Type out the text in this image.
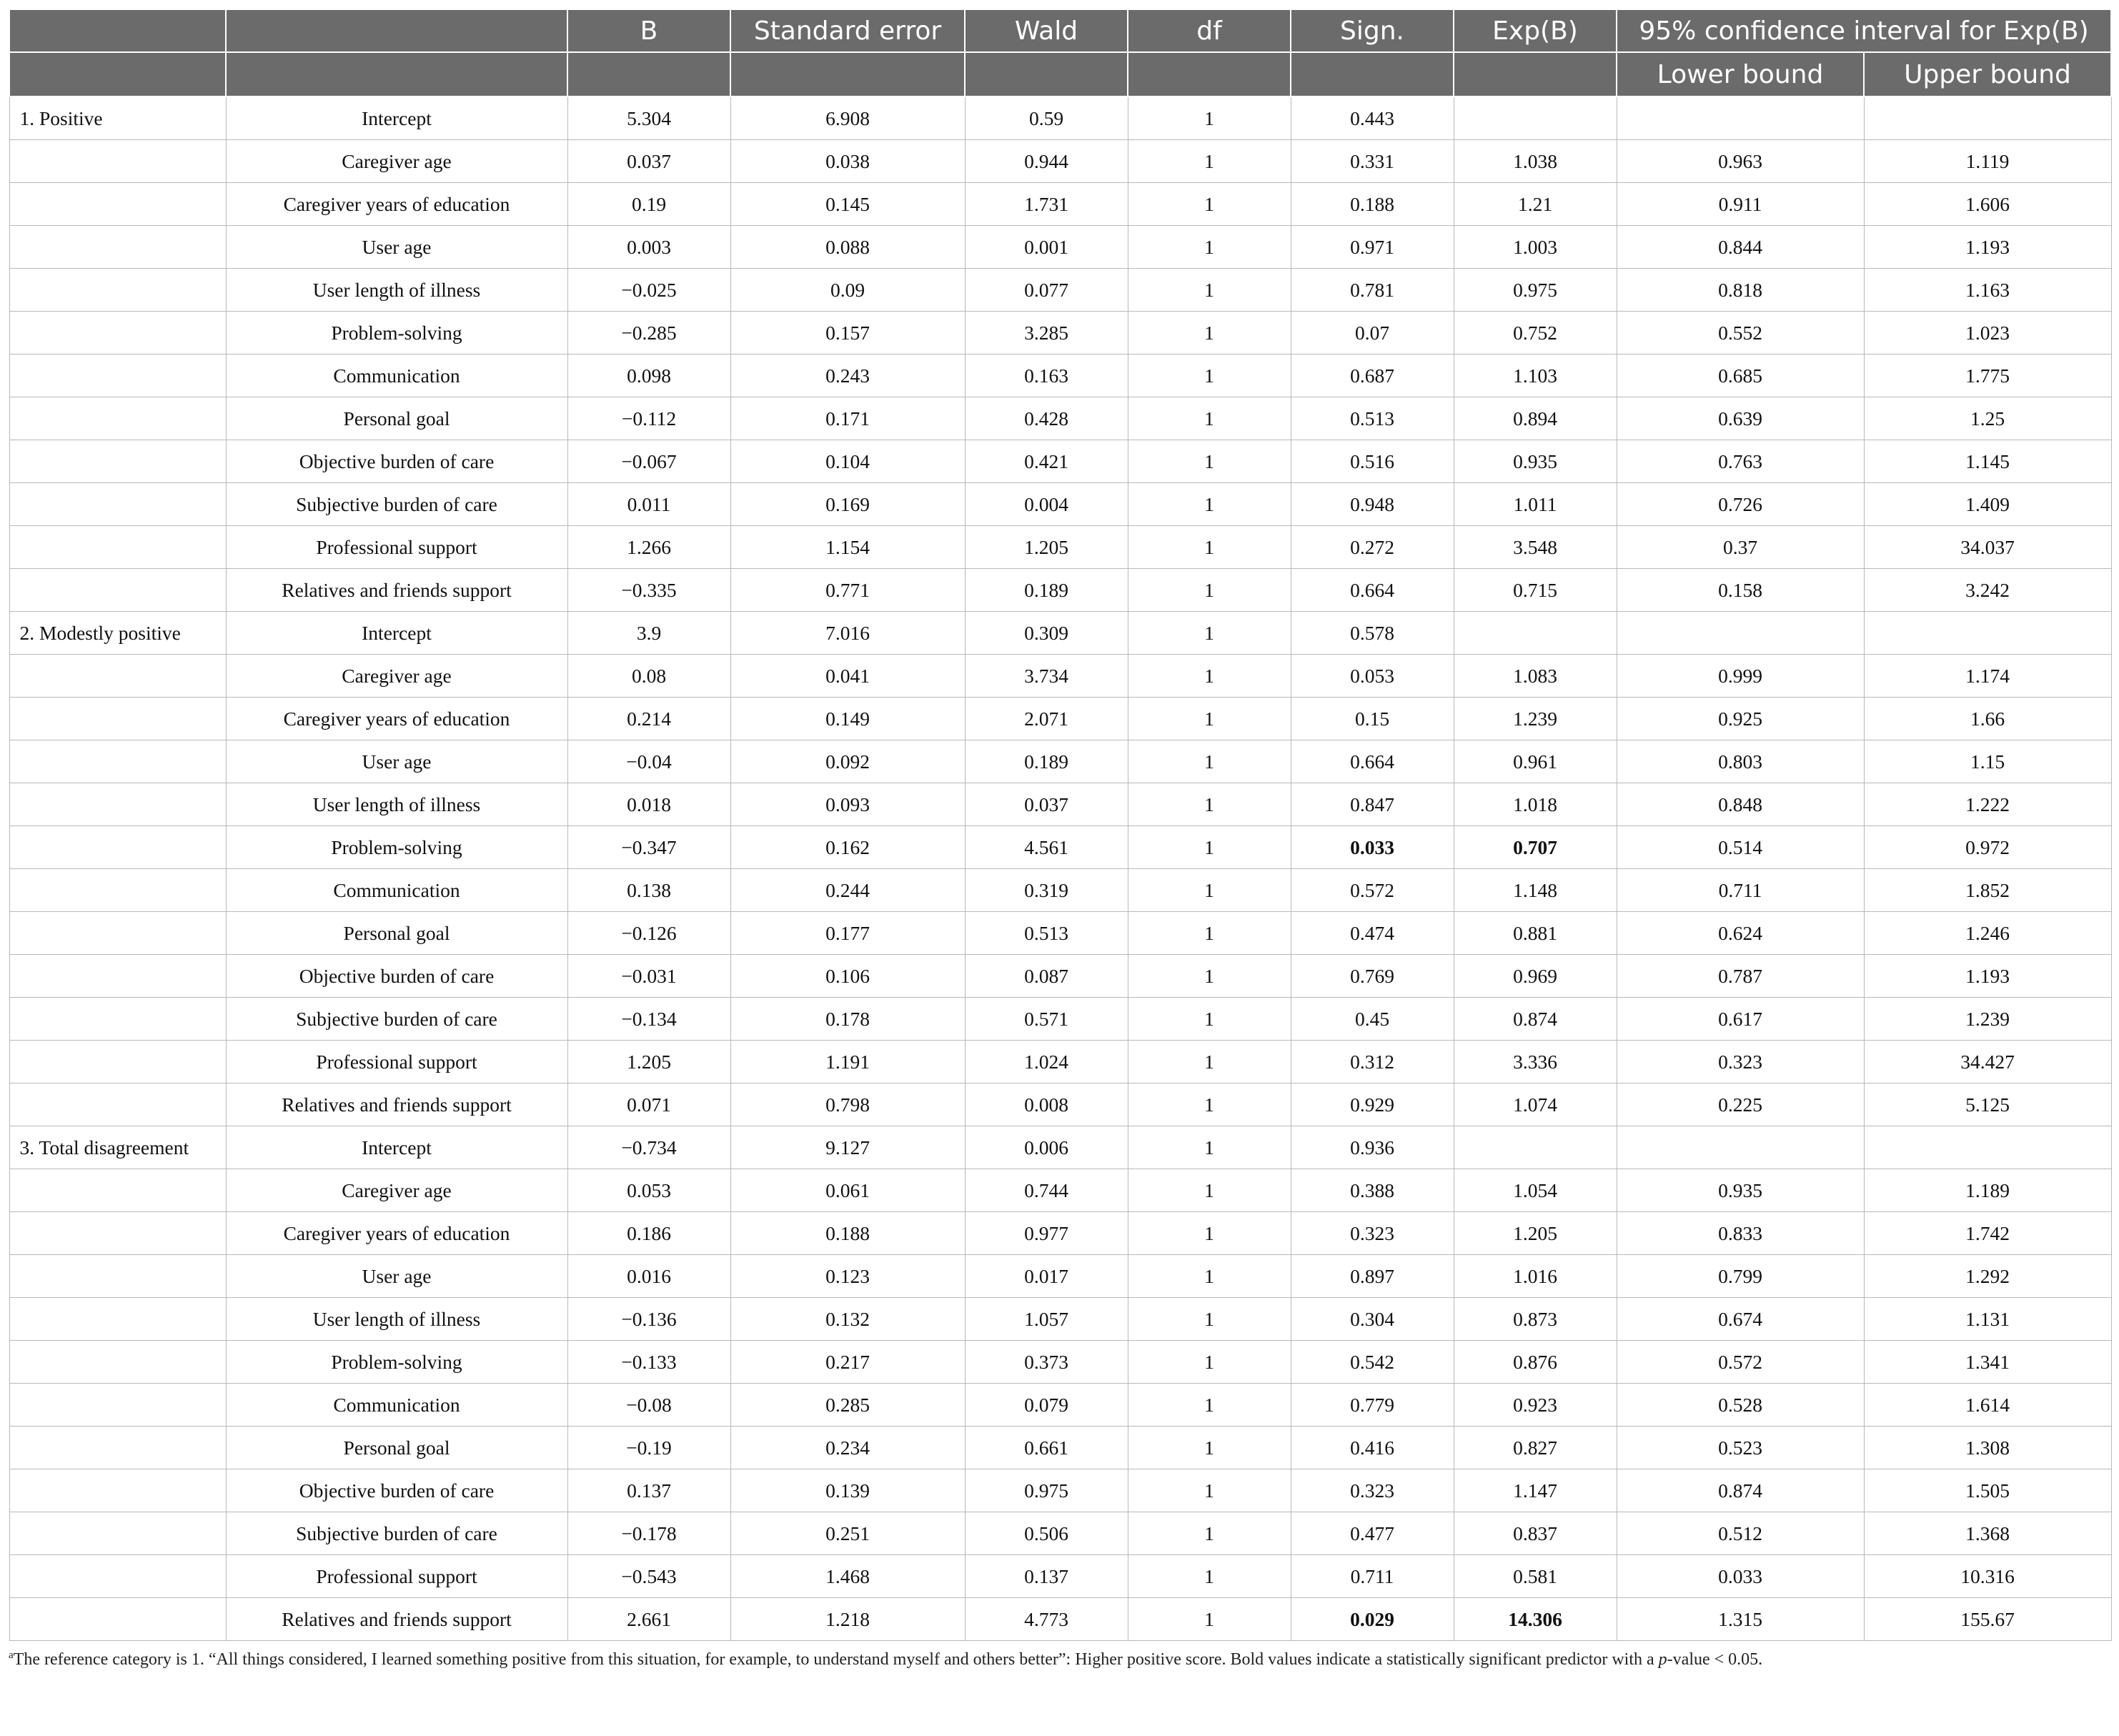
		B	Standard error	Wald	df	Sign.	Exp(B)	95% confidence interval for Exp(B)	
								Lower bound	Upper bound
1. Positive	Intercept	5.304	6.908	0.59	1	0.443			
	Caregiver age	0.037	0.038	0.944	1	0.331	1.038	0.963	1.119
	Caregiver years of education	0.19	0.145	1.731	1	0.188	1.21	0.911	1.606
	User age	0.003	0.088	0.001	1	0.971	1.003	0.844	1.193
	User length of illness	−0.025	0.09	0.077	1	0.781	0.975	0.818	1.163
	Problem-solving	−0.285	0.157	3.285	1	0.07	0.752	0.552	1.023
	Communication	0.098	0.243	0.163	1	0.687	1.103	0.685	1.775
	Personal goal	−0.112	0.171	0.428	1	0.513	0.894	0.639	1.25
	Objective burden of care	−0.067	0.104	0.421	1	0.516	0.935	0.763	1.145
	Subjective burden of care	0.011	0.169	0.004	1	0.948	1.011	0.726	1.409
	Professional support	1.266	1.154	1.205	1	0.272	3.548	0.37	34.037
	Relatives and friends support	−0.335	0.771	0.189	1	0.664	0.715	0.158	3.242
2. Modestly positive	Intercept	3.9	7.016	0.309	1	0.578			
	Caregiver age	0.08	0.041	3.734	1	0.053	1.083	0.999	1.174
	Caregiver years of education	0.214	0.149	2.071	1	0.15	1.239	0.925	1.66
	User age	−0.04	0.092	0.189	1	0.664	0.961	0.803	1.15
	User length of illness	0.018	0.093	0.037	1	0.847	1.018	0.848	1.222
	Problem-solving	−0.347	0.162	4.561	1	0.033	0.707	0.514	0.972
	Communication	0.138	0.244	0.319	1	0.572	1.148	0.711	1.852
	Personal goal	−0.126	0.177	0.513	1	0.474	0.881	0.624	1.246
	Objective burden of care	−0.031	0.106	0.087	1	0.769	0.969	0.787	1.193
	Subjective burden of care	−0.134	0.178	0.571	1	0.45	0.874	0.617	1.239
	Professional support	1.205	1.191	1.024	1	0.312	3.336	0.323	34.427
	Relatives and friends support	0.071	0.798	0.008	1	0.929	1.074	0.225	5.125
3. Total disagreement	Intercept	−0.734	9.127	0.006	1	0.936			
	Caregiver age	0.053	0.061	0.744	1	0.388	1.054	0.935	1.189
	Caregiver years of education	0.186	0.188	0.977	1	0.323	1.205	0.833	1.742
	User age	0.016	0.123	0.017	1	0.897	1.016	0.799	1.292
	User length of illness	−0.136	0.132	1.057	1	0.304	0.873	0.674	1.131
	Problem-solving	−0.133	0.217	0.373	1	0.542	0.876	0.572	1.341
	Communication	−0.08	0.285	0.079	1	0.779	0.923	0.528	1.614
	Personal goal	−0.19	0.234	0.661	1	0.416	0.827	0.523	1.308
	Objective burden of care	0.137	0.139	0.975	1	0.323	1.147	0.874	1.505
	Subjective burden of care	−0.178	0.251	0.506	1	0.477	0.837	0.512	1.368
	Professional support	−0.543	1.468	0.137	1	0.711	0.581	0.033	10.316
	Relatives and friends support	2.661	1.218	4.773	1	0.029	14.306	1.315	155.67
$^a$The reference category is 1. “All things considered, I learned something positive from this situation, for example, to understand myself and others better”: Higher positive score. Bold values indicate a statistically significant predictor with a p-value < 0.05.
